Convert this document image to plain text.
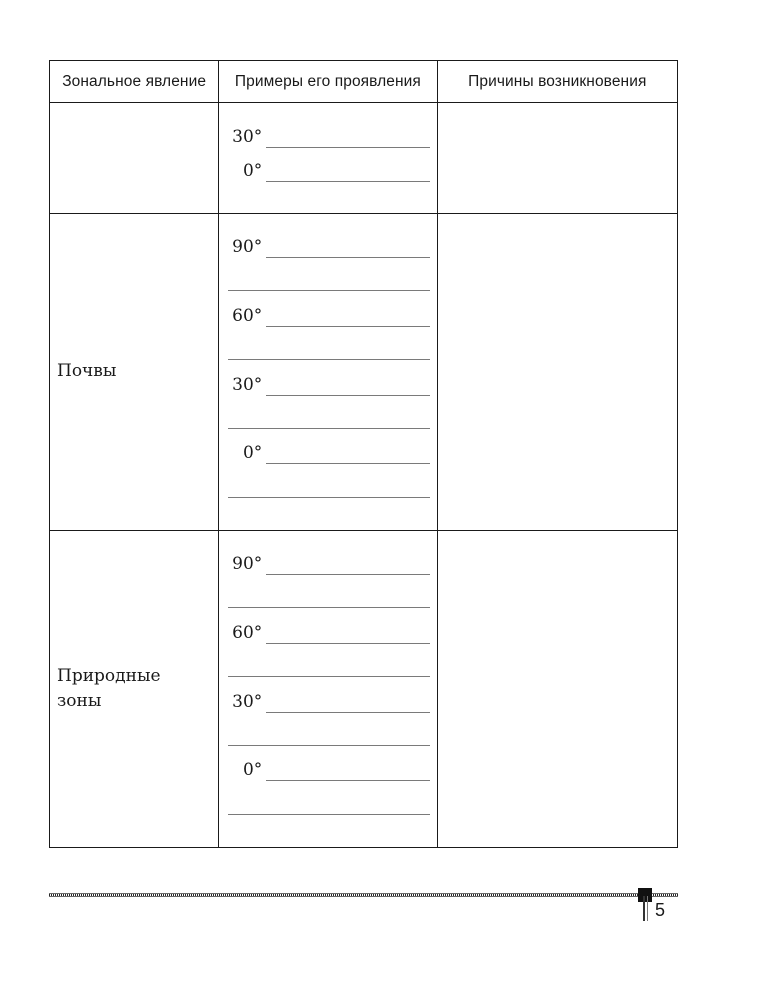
Зональное явление	Примеры его проявления	Причины возникновения

	30°
0°	

Почвы	90°
60°
30°
0°	

Природные
зоны	90°
60°
30°
0°	

5
